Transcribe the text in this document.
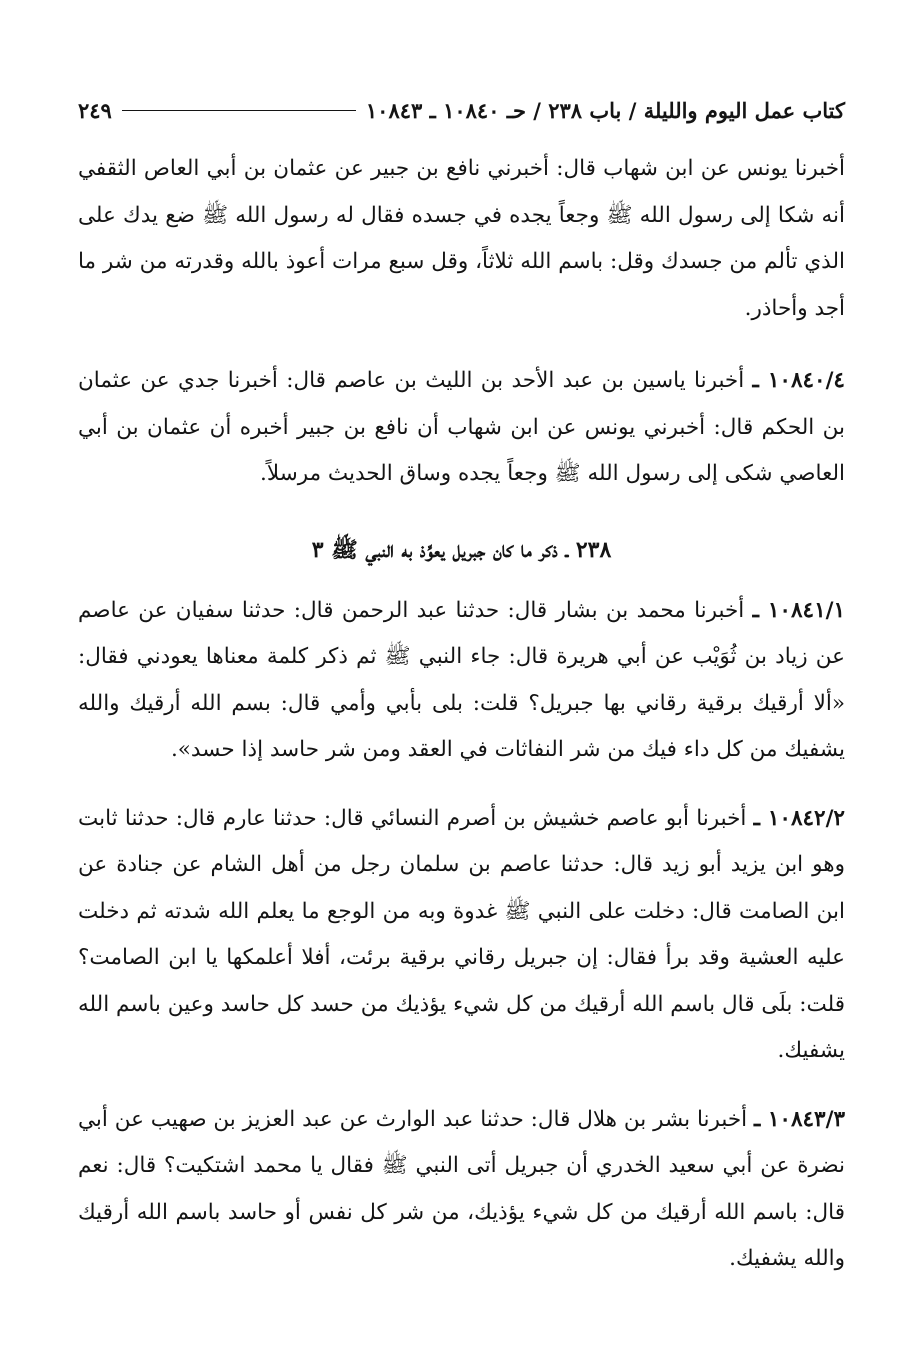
كتاب عمل اليوم والليلة / باب ٢٣٨ / حـ ١٠٨٤٠ ـ ١٠٨٤٣
٢٤٩

أخبرنا يونس عن ابن شهاب قال: أخبرني نافع بن جبير عن عثمان بن أبي العاص الثقفي أنه شكا إلى رسول الله ﷺ وجعاً يجده في جسده فقال له رسول الله ﷺ ضع يدك على الذي تألم من جسدك وقل: باسم الله ثلاثاً، وقل سبع مرات أعوذ بالله وقدرته من شر ما أجد وأحاذر.

١٠٨٤٠/٤ ـ أخبرنا ياسين بن عبد الأحد بن الليث بن عاصم قال: أخبرنا جدي عن عثمان بن الحكم قال: أخبرني يونس عن ابن شهاب أن نافع بن جبير أخبره أن عثمان بن أبي العاصي شكى إلى رسول الله ﷺ وجعاً يجده وساق الحديث مرسلاً.

٢٣٨ ـ ذكر ما كان جبريل يعوِّذ به النبي ﷺ ٣

١٠٨٤١/١ ـ أخبرنا محمد بن بشار قال: حدثنا عبد الرحمن قال: حدثنا سفيان عن عاصم عن زياد بن ثُوَيْب عن أبي هريرة قال: جاء النبي ﷺ ثم ذكر كلمة معناها يعودني فقال: «ألا أرقيك برقية رقاني بها جبريل؟ قلت: بلى بأبي وأمي قال: بسم الله أرقيك والله يشفيك من كل داء فيك من شر النفاثات في العقد ومن شر حاسد إذا حسد».

١٠٨٤٢/٢ ـ أخبرنا أبو عاصم خشيش بن أصرم النسائي قال: حدثنا عارم قال: حدثنا ثابت وهو ابن يزيد أبو زيد قال: حدثنا عاصم بن سلمان رجل من أهل الشام عن جنادة عن ابن الصامت قال: دخلت على النبي ﷺ غدوة وبه من الوجع ما يعلم الله شدته ثم دخلت عليه العشية وقد برأ فقال: إن جبريل رقاني برقية برئت، أفلا أعلمكها يا ابن الصامت؟ قلت: بلَى قال باسم الله أرقيك من كل شيء يؤذيك من حسد كل حاسد وعين باسم الله يشفيك.

١٠٨٤٣/٣ ـ أخبرنا بشر بن هلال قال: حدثنا عبد الوارث عن عبد العزيز بن صهيب عن أبي نضرة عن أبي سعيد الخدري أن جبريل أتى النبي ﷺ فقال يا محمد اشتكيت؟ قال: نعم قال: باسم الله أرقيك من كل شيء يؤذيك، من شر كل نفس أو حاسد باسم الله أرقيك والله يشفيك.
